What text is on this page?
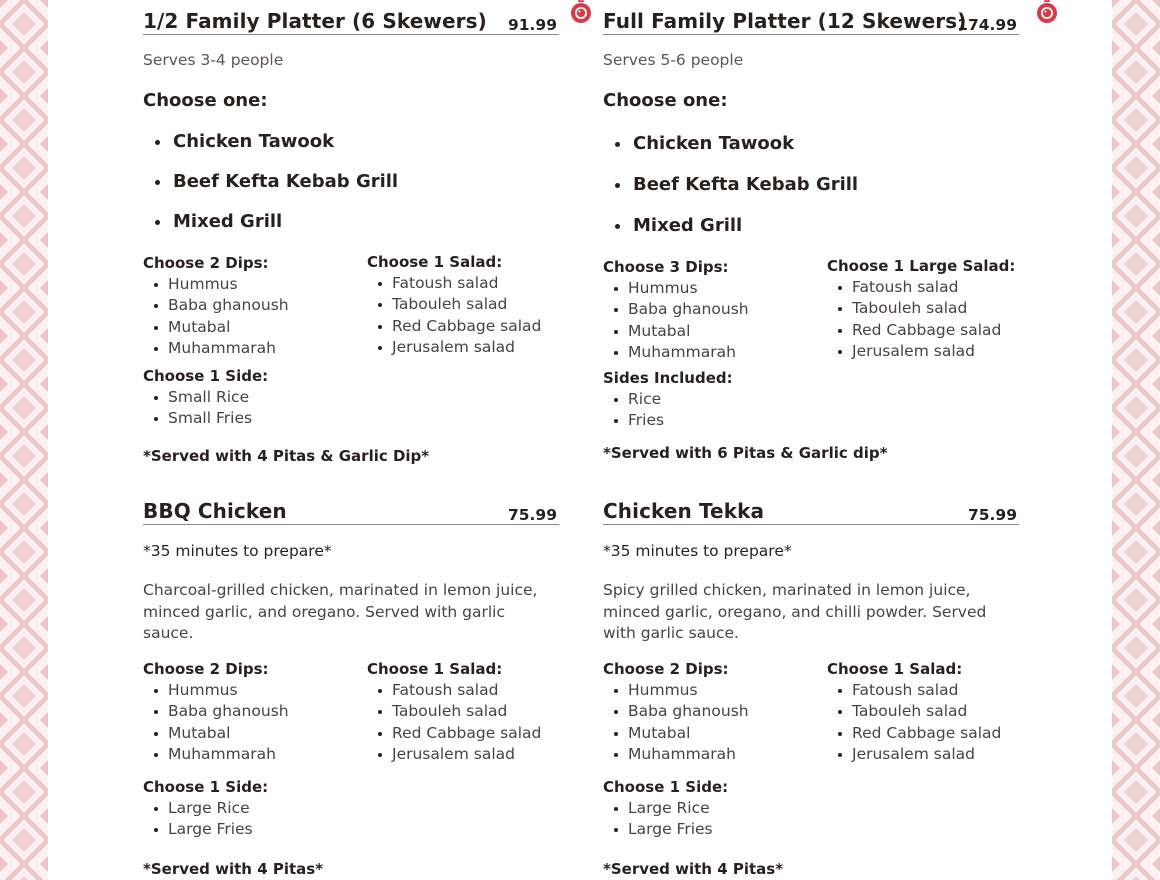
1/2 Family Platter (6 Skewers) 91.99
Serves 3-4 people
Choose one:
Chicken Tawook
Beef Kefta Kebab Grill
Mixed Grill
Choose 2 Dips:
Hummus
Baba ghanoush
Mutabal
Muhammarah
Choose 1 Salad:
Fatoush salad
Tabouleh salad
Red Cabbage salad
Jerusalem salad
Choose 1 Side:
Small Rice
Small Fries
*Served with 4 Pitas & Garlic Dip*
Full Family Platter (12 Skewers)
174.99
Serves 5-6 people
Choose one:
Chicken Tawook
Beef Kefta Kebab Grill
Mixed Grill
Choose 3 Dips:
Hummus
Baba ghanoush
Mutabal
Muhammarah
Choose 1 Large Salad:
Fatoush salad
Tabouleh salad
Red Cabbage salad
Jerusalem salad
Sides Included:
Rice
Fries
*Served with 6 Pitas & Garlic dip*
BBQ Chicken	75.99
*35 minutes to prepare*
Charcoal-grilled chicken, marinated in lemon juice, minced garlic, and oregano. Served with garlic sauce.
Choose 2 Dips:
Hummus
Baba ghanoush
Mutabal
Muhammarah
Choose 1 Salad:
Fatoush salad
Tabouleh salad
Red Cabbage salad
Jerusalem salad
Choose 1 Side:
Large Rice
Large Fries
*Served with 4 Pitas*
Chicken Tekka	75.99
*35 minutes to prepare*
Spicy grilled chicken, marinated in lemon juice, minced garlic, oregano, and chilli powder. Served with garlic sauce.
Choose 2 Dips:
Hummus
Baba ghanoush
Mutabal
Muhammarah
Choose 1 Salad:
Fatoush salad
Tabouleh salad
Red Cabbage salad
Jerusalem salad
Choose 1 Side:
Large Rice
Large Fries
*Served with 4 Pitas*
